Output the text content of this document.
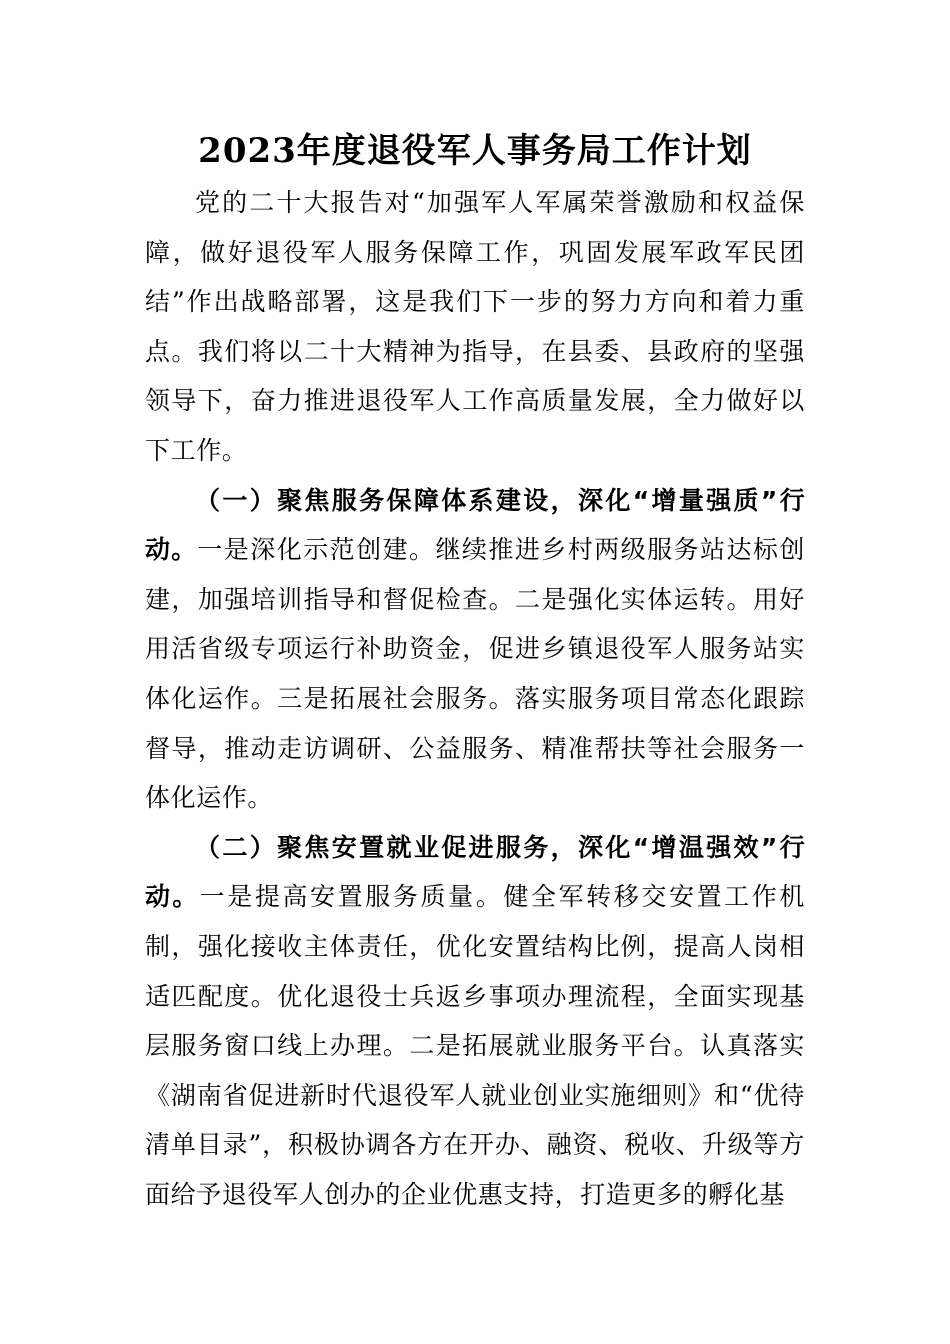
2023年度退役军人事务局工作计划

党的二十大报告对“加强军人军属荣誉激励和权益保障，做好退役军人服务保障工作，巩固发展军政军民团结”作出战略部署，这是我们下一步的努力方向和着力重点。我们将以二十大精神为指导，在县委、县政府的坚强领导下，奋力推进退役军人工作高质量发展，全力做好以下工作。

（一）聚焦服务保障体系建设，深化“增量强质”行动。一是深化示范创建。继续推进乡村两级服务站达标创建，加强培训指导和督促检查。二是强化实体运转。用好用活省级专项运行补助资金，促进乡镇退役军人服务站实体化运作。三是拓展社会服务。落实服务项目常态化跟踪督导，推动走访调研、公益服务、精准帮扶等社会服务一体化运作。

（二）聚焦安置就业促进服务，深化“增温强效”行动。一是提高安置服务质量。健全军转移交安置工作机制，强化接收主体责任，优化安置结构比例，提高人岗相适匹配度。优化退役士兵返乡事项办理流程，全面实现基层服务窗口线上办理。二是拓展就业服务平台。认真落实《湖南省促进新时代退役军人就业创业实施细则》和“优待清单目录”，积极协调各方在开办、融资、税收、升级等方面给予退役军人创办的企业优惠支持，打造更多的孵化基
